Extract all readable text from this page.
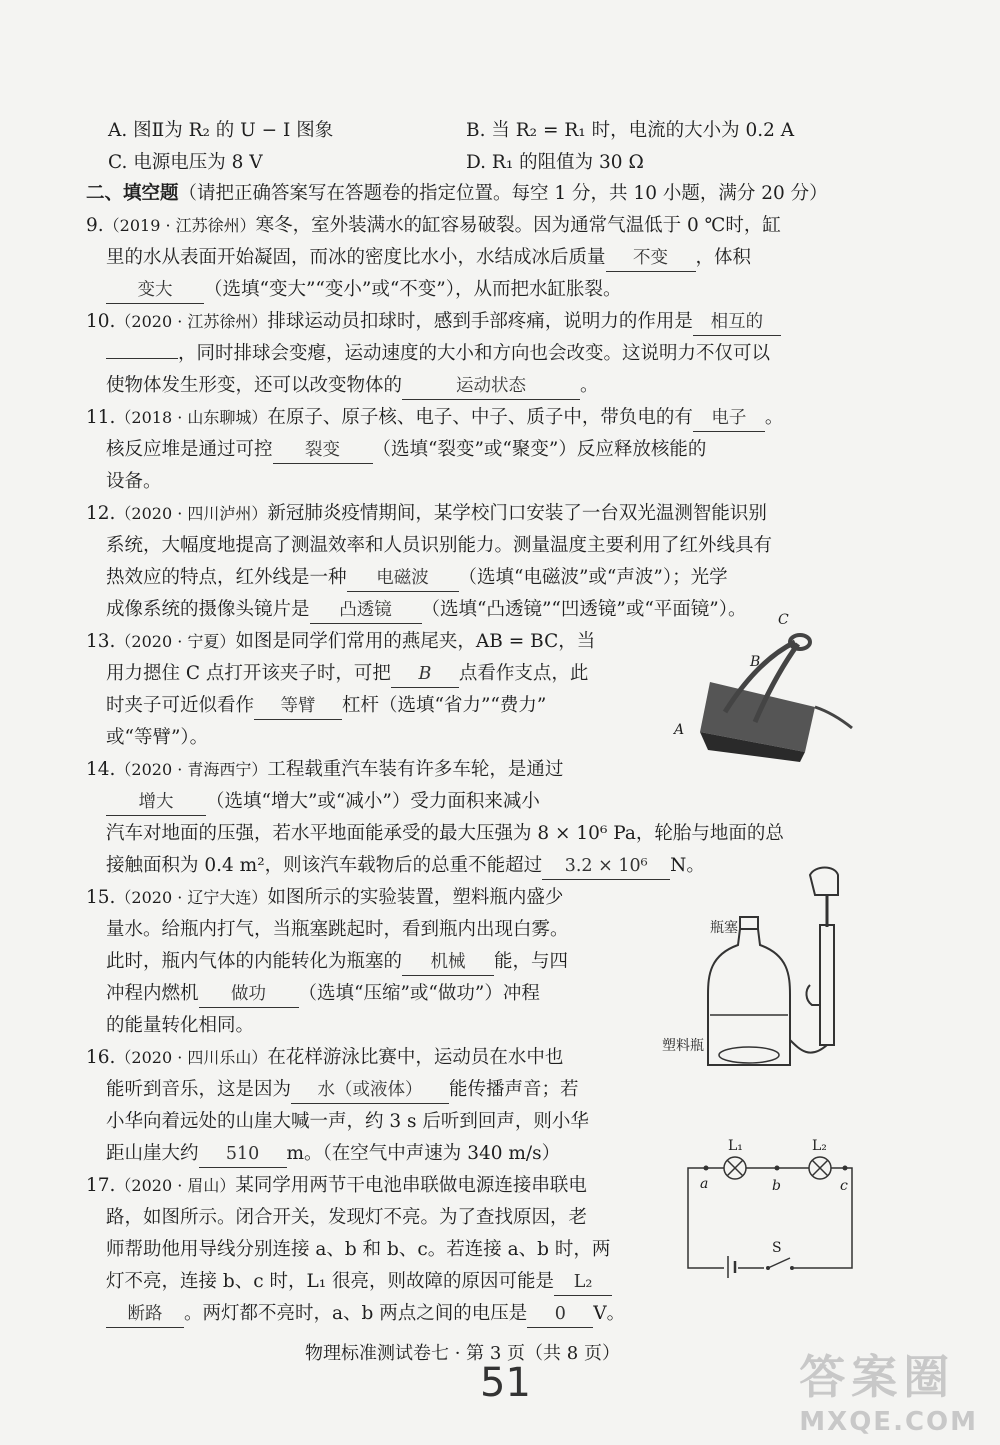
A. 图Ⅱ为 R₂ 的 U − I 图象	B. 当 R₂ = R₁ 时，电流的大小为 0.2 A
C. 电源电压为 8 V	D. R₁ 的阻值为 30 Ω
二、填空题（请把正确答案写在答题卷的指定位置。每空 1 分，共 10 小题，满分 20 分）
9.（2019 · 江苏徐州）寒冬，室外装满水的缸容易破裂。因为通常气温低于 0 ℃时，缸
里的水从表面开始凝固，而冰的密度比水小，水结成冰后质量 不变 ，体积
变大 （选填“变大”“变小”或“不变”），从而把水缸胀裂。
10.（2020 · 江苏徐州）排球运动员扣球时，感到手部疼痛，说明力的作用是 相互的
，同时排球会变瘪，运动速度的大小和方向也会改变。这说明力不仅可以
使物体发生形变，还可以改变物体的	运动状态	。
11.（2018 · 山东聊城）在原子、原子核、电子、中子、质子中，带负电的有 电子 。
核反应堆是通过可控 裂变 （选填“裂变”或“聚变”）反应释放核能的
设备。
12.（2020 · 四川泸州）新冠肺炎疫情期间，某学校门口安装了一台双光温测智能识别
系统，大幅度地提高了测温效率和人员识别能力。测量温度主要利用了红外线具有
热效应的特点，红外线是一种 电磁波 （选填“电磁波”或“声波”）；光学
成像系统的摄像头镜片是 凸透镜 （选填“凸透镜”“凹透镜”或“平面镜”）。
13.（2020 · 宁夏）如图是同学们常用的燕尾夹，AB = BC，当
用力摁住 C 点打开该夹子时，可把 B 点看作支点，此
时夹子可近似看作 等臂 杠杆（选填“省力”“费力”
或“等臂”）。
C
B
A
14.（2020 · 青海西宁）工程载重汽车装有许多车轮，是通过
增大 （选填“增大”或“减小”）受力面积来减小
汽车对地面的压强，若水平地面能承受的最大压强为 8 × 10⁶ Pa，轮胎与地面的总
接触面积为 0.4 m²，则该汽车载物后的总重不能超过 3.2 × 10⁶ N。
15.（2020 · 辽宁大连）如图所示的实验装置，塑料瓶内盛少
量水。给瓶内打气，当瓶塞跳起时，看到瓶内出现白雾。
此时，瓶内气体的内能转化为瓶塞的 机械 能，与四
冲程内燃机 做功 （选填“压缩”或“做功”）冲程
的能量转化相同。
瓶塞
塑料瓶
16.（2020 · 四川乐山）在花样游泳比赛中，运动员在水中也
能听到音乐，这是因为 水（或液体） 能传播声音；若
小华向着远处的山崖大喊一声，约 3 s 后听到回声，则小华
距山崖大约 510 m。（在空气中声速为 340 m/s）
17.（2020 · 眉山）某同学用两节干电池串联做电源连接串联电
路，如图所示。闭合开关，发现灯不亮。为了查找原因，老
师帮助他用导线分别连接 a、b 和 b、c。若连接 a、b 时，两
灯不亮，连接 b、c 时，L₁ 很亮，则故障的原因可能是 L₂
断路 。两灯都不亮时，a、b 两点之间的电压是 0 V。
L₁	L₂
a	b	c
S
物理标准测试卷七 · 第 3 页（共 8 页）
51	答案圈
MXQE.COM
